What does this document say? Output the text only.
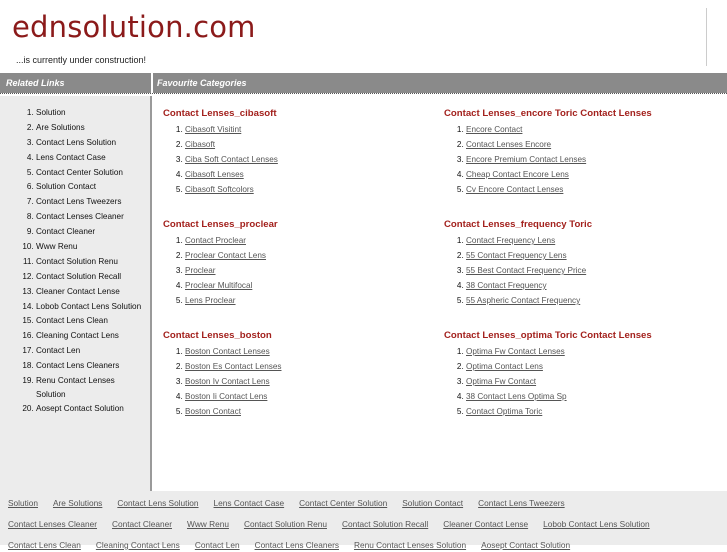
ednsolution.com
...is currently under construction!
Related Links	Favourite Categories
1. Solution
2. Are Solutions
3. Contact Lens Solution
4. Lens Contact Case
5. Contact Center Solution
6. Solution Contact
7. Contact Lens Tweezers
8. Contact Lenses Cleaner
9. Contact Cleaner
10. Www Renu
11. Contact Solution Renu
12. Contact Solution Recall
13. Cleaner Contact Lense
14. Lobob Contact Lens Solution
15. Contact Lens Clean
16. Cleaning Contact Lens
17. Contact Len
18. Contact Lens Cleaners
19. Renu Contact Lenses Solution
20. Aosept Contact Solution
Contact Lenses_cibasoft
1. Cibasoft Visitint
2. Cibasoft
3. Ciba Soft Contact Lenses
4. Cibasoft Lenses
5. Cibasoft Softcolors
Contact Lenses_encore Toric Contact Lenses
1. Encore Contact
2. Contact Lenses Encore
3. Encore Premium Contact Lenses
4. Cheap Contact Encore Lens
5. Cv Encore Contact Lenses
Contact Lenses_proclear
1. Contact Proclear
2. Proclear Contact Lens
3. Proclear
4. Proclear Multifocal
5. Lens Proclear
Contact Lenses_frequency Toric
1. Contact Frequency Lens
2. 55 Contact Frequency Lens
3. 55 Best Contact Frequency Price
4. 38 Contact Frequency
5. 55 Aspheric Contact Frequency
Contact Lenses_boston
1. Boston Contact Lenses
2. Boston Es Contact Lenses
3. Boston Iv Contact Lens
4. Boston Ii Contact Lens
5. Boston Contact
Contact Lenses_optima Toric Contact Lenses
1. Optima Fw Contact Lenses
2. Optima Contact Lens
3. Optima Fw Contact
4. 38 Contact Lens Optima Sp
5. Contact Optima Toric
Solution Are Solutions Contact Lens Solution Lens Contact Case Contact Center Solution Solution Contact Contact Lens Tweezers
Contact Lenses Cleaner Contact Cleaner Www Renu Contact Solution Renu Contact Solution Recall Cleaner Contact Lense Lobob Contact Lens Solution
Contact Lens Clean Cleaning Contact Lens Contact Len Contact Lens Cleaners Renu Contact Lenses Solution Aosept Contact Solution
